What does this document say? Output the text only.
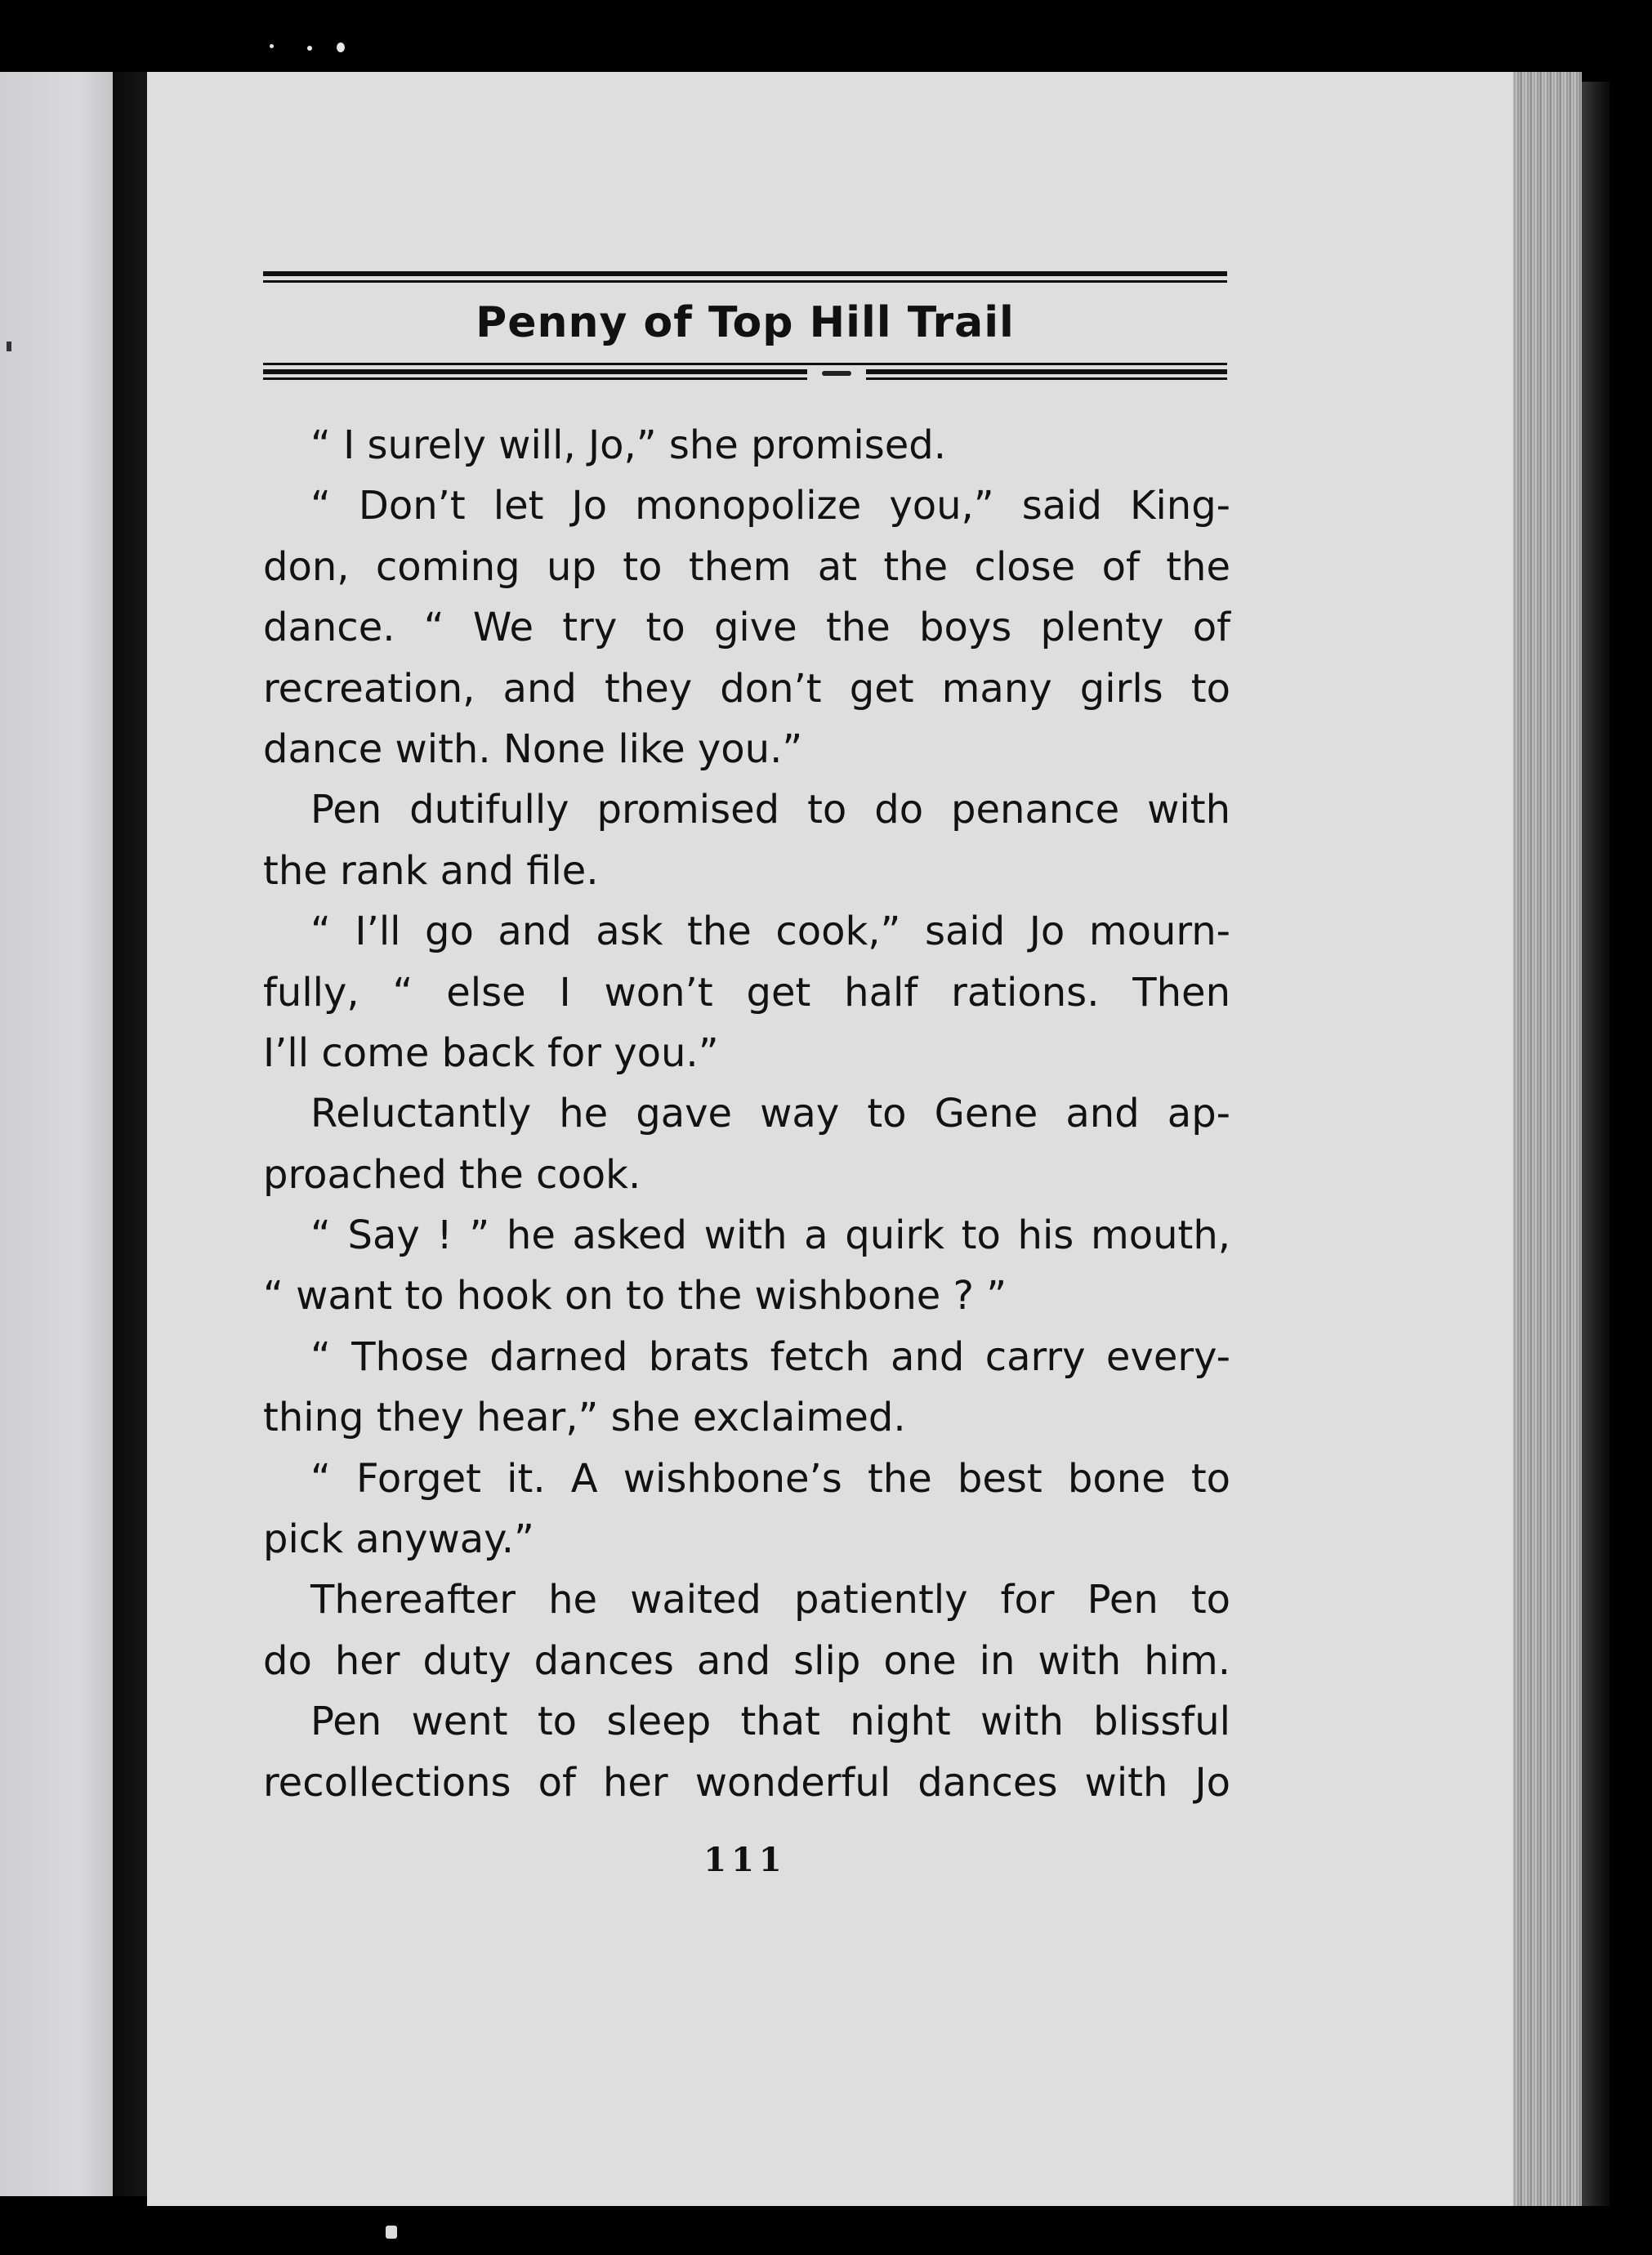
Penny of Top Hill Trail
“ I surely will, Jo,” she promised.
“ Don’t let Jo monopolize you,” said King-
don, coming up to them at the close of the
dance. “ We try to give the boys plenty of
recreation, and they don’t get many girls to
dance with. None like you.”
Pen dutifully promised to do penance with
the rank and file.
“ I’ll go and ask the cook,” said Jo mourn-
fully, “ else I won’t get half rations. Then
I’ll come back for you.”
Reluctantly he gave way to Gene and ap-
proached the cook.
“ Say ! ” he asked with a quirk to his mouth,
“ want to hook on to the wishbone ? ”
“ Those darned brats fetch and carry every-
thing they hear,” she exclaimed.
“ Forget it. A wishbone’s the best bone to
pick anyway.”
Thereafter he waited patiently for Pen to
do her duty dances and slip one in with him.
Pen went to sleep that night with blissful
recollections of her wonderful dances with Jo
111
